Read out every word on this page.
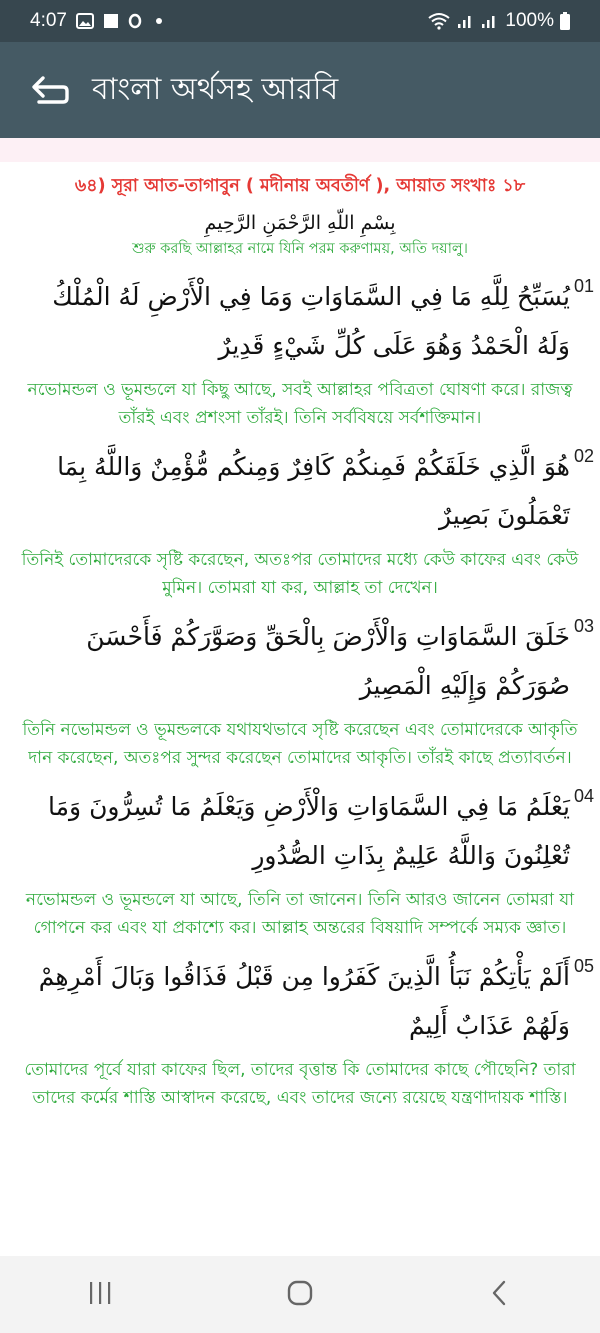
4:07	100%
বাংলা অর্থসহ আরবি
৬৪) সূরা আত-তাগাবুন ( মদীনায় অবতীর্ণ ), আয়াত সংখাঃ ১৮
بِسْمِ اللّهِ الرَّحْمَنِ الرَّحِيمِ
শুরু করছি আল্লাহর নামে যিনি পরম করুণাময়, অতি দয়ালু।
01
يُسَبِّحُ لِلَّهِ مَا فِي السَّمَاوَاتِ وَمَا فِي الْأَرْضِ لَهُ الْمُلْكُ وَلَهُ الْحَمْدُ وَهُوَ عَلَى كُلِّ شَيْءٍ قَدِيرٌ
নভোমন্ডল ও ভূমন্ডলে যা কিছু আছে, সবই আল্লাহর পবিত্রতা ঘোষণা করে। রাজত্ব তাঁরই এবং প্রশংসা তাঁরই। তিনি সর্ববিষয়ে সর্বশক্তিমান।
02
هُوَ الَّذِي خَلَقَكُمْ فَمِنكُمْ كَافِرٌ وَمِنكُم مُّؤْمِنٌ وَاللَّهُ بِمَا تَعْمَلُونَ بَصِيرٌ
তিনিই তোমাদেরকে সৃষ্টি করেছেন, অতঃপর তোমাদের মধ্যে কেউ কাফের এবং কেউ মুমিন। তোমরা যা কর, আল্লাহ তা দেখেন।
03
خَلَقَ السَّمَاوَاتِ وَالْأَرْضَ بِالْحَقِّ وَصَوَّرَكُمْ فَأَحْسَنَ صُوَرَكُمْ وَإِلَيْهِ الْمَصِيرُ
তিনি নভোমন্ডল ও ভূমন্ডলকে যথাযথভাবে সৃষ্টি করেছেন এবং তোমাদেরকে আকৃতি দান করেছেন, অতঃপর সুন্দর করেছেন তোমাদের আকৃতি। তাঁরই কাছে প্রত্যাবর্তন।
04
يَعْلَمُ مَا فِي السَّمَاوَاتِ وَالْأَرْضِ وَيَعْلَمُ مَا تُسِرُّونَ وَمَا تُعْلِنُونَ وَاللَّهُ عَلِيمٌ بِذَاتِ الصُّدُورِ
নভোমন্ডল ও ভূমন্ডলে যা আছে, তিনি তা জানেন। তিনি আরও জানেন তোমরা যা গোপনে কর এবং যা প্রকাশ্যে কর। আল্লাহ অন্তরের বিষয়াদি সম্পর্কে সম্যক জ্ঞাত।
05
أَلَمْ يَأْتِكُمْ نَبَأُ الَّذِينَ كَفَرُوا مِن قَبْلُ فَذَاقُوا وَبَالَ أَمْرِهِمْ وَلَهُمْ عَذَابٌ أَلِيمٌ
তোমাদের পূর্বে যারা কাফের ছিল, তাদের বৃত্তান্ত কি তোমাদের কাছে পৌছেনি? তারা তাদের কর্মের শাস্তি আস্বাদন করেছে, এবং তাদের জন্যে রয়েছে যন্ত্রণাদায়ক শাস্তি।
